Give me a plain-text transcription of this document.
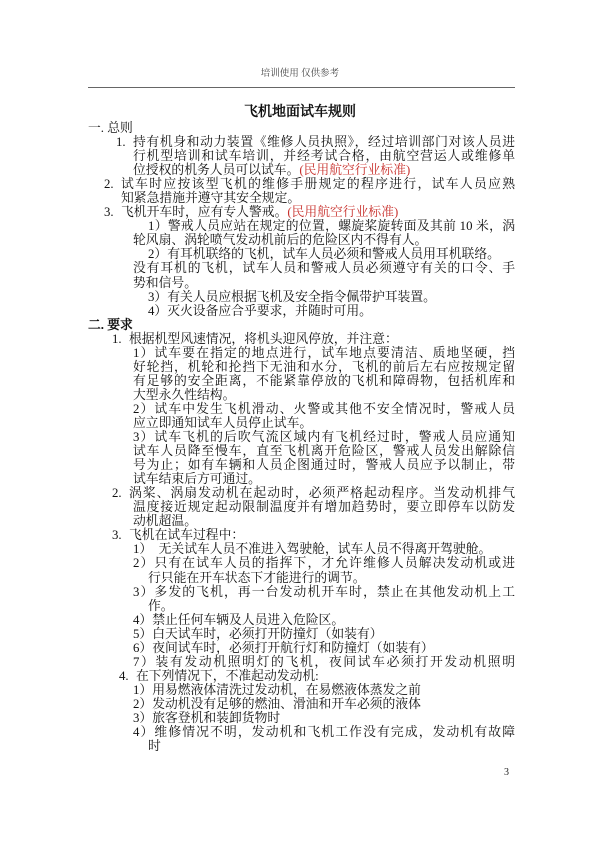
培训使用 仅供参考
飞机地面试车规则
一. 总则
1. 持有机身和动力装置《维修人员执照》，经过培训部门对该人员进
行机型培训和试车培训，并经考试合格，由航空营运人或维修单
位授权的机务人员可以试车。(民用航空行业标准)
2. 试车时应按该型飞机的维修手册规定的程序进行，试车人员应熟
知紧急措施并遵守其安全规定。
3. 飞机开车时，应有专人警戒。(民用航空行业标准)
1）警戒人员应站在规定的位置，螺旋桨旋转面及其前 10 米，涡
轮风扇、涡轮喷气发动机前后的危险区内不得有人。
2）有耳机联络的飞机，试车人员必须和警戒人员用耳机联络。
没有耳机的飞机，试车人员和警戒人员必须遵守有关的口令、手
势和信号。
3）有关人员应根据飞机及安全指令佩带护耳装置。
4）灭火设备应合乎要求，并随时可用。
二. 要求
1. 根据机型风速情况，将机头迎风停放，并注意：
1）试车要在指定的地点进行，试车地点要清洁、质地坚硬，挡
好轮挡，机轮和抡挡下无油和水分，飞机的前后左右应按规定留
有足够的安全距离，不能紧靠停放的飞机和障碍物，包括机库和
大型永久性结构。
2）试车中发生飞机滑动、火警或其他不安全情况时，警戒人员
应立即通知试车人员停止试车。
3）试车飞机的后吹气流区域内有飞机经过时，警戒人员应通知
试车人员降至慢车，直至飞机离开危险区，警戒人员发出解除信
号为止；如有车辆和人员企图通过时，警戒人员应予以制止，带
试车结束后方可通过。
2. 涡桨、涡扇发动机在起动时，必须严格起动程序。当发动机排气
温度接近规定起动限制温度并有增加趋势时，要立即停车以防发
动机超温。
3. 飞机在试车过程中：
1）  无关试车人员不准进入驾驶舱，试车人员不得离开驾驶舱。
2）只有在试车人员的指挥下，才允许维修人员解决发动机或进
行只能在开车状态下才能进行的调节。
3）多发的飞机，再一台发动机开车时，禁止在其他发动机上工
作。
4）禁止任何车辆及人员进入危险区。
5）白天试车时，必须打开防撞灯（如装有）
6）夜间试车时，必须打开航行灯和防撞灯（如装有）
7）装有发动机照明灯的飞机，夜间试车必须打开发动机照明
4. 在下列情况下，不准起动发动机:
1）用易燃液体清洗过发动机，在易燃液体蒸发之前
2）发动机没有足够的燃油、滑油和开车必须的液体
3）旅客登机和装卸货物时
4）维修情况不明，发动机和飞机工作没有完成，发动机有故障
时
3
